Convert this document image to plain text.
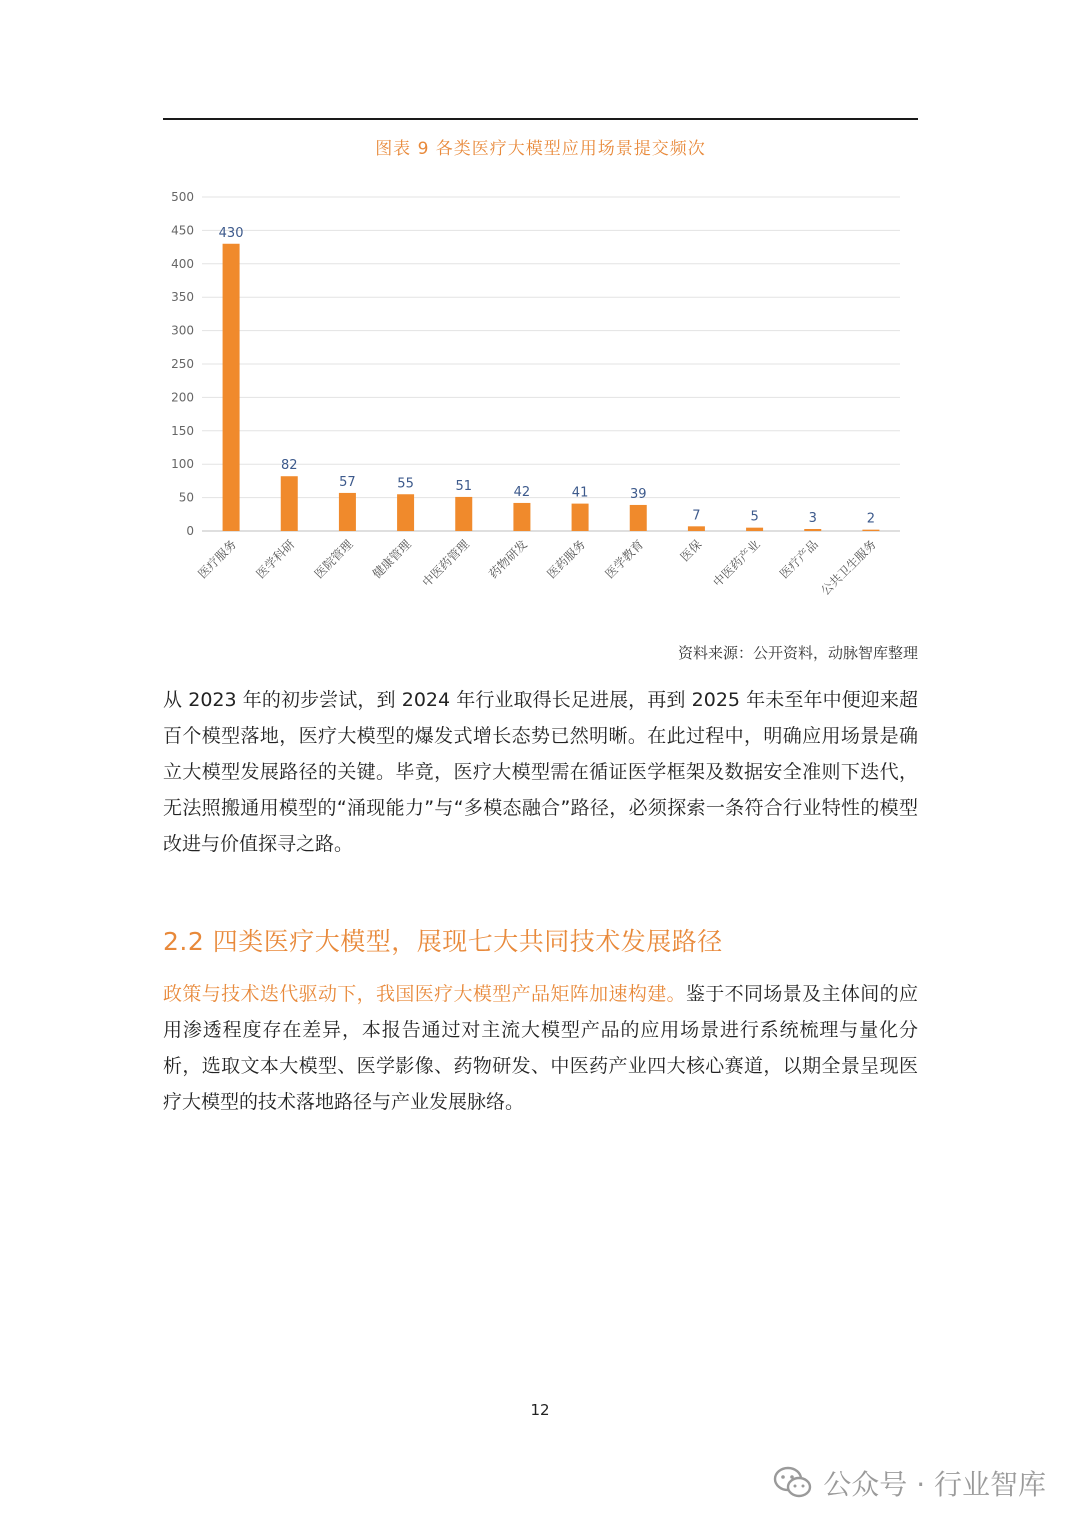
图表 9 各类医疗大模型应用场景提交频次
0
50
100
150
200
250
300
350
400
450
500
430
医疗服务
82
医学科研
57
医院管理
55
健康管理
51
中医药管理
42
药物研发
41
医药服务
39
医学教育
7
医保
5
中医药产业
3
医疗产品
2
公共卫生服务
资料来源：公开资料，动脉智库整理

从 2023 年的初步尝试，到 2024 年行业取得长足进展，再到 2025 年未至年中便迎来超百个模型落地，医疗大模型的爆发式增长态势已然明晰。在此过程中，明确应用场景是确立大模型发展路径的关键。毕竟，医疗大模型需在循证医学框架及数据安全准则下迭代，无法照搬通用模型的“涌现能力”与“多模态融合”路径，必须探索一条符合行业特性的模型改进与价值探寻之路。

2.2 四类医疗大模型，展现七大共同技术发展路径

政策与技术迭代驱动下，我国医疗大模型产品矩阵加速构建。鉴于不同场景及主体间的应用渗透程度存在差异，本报告通过对主流大模型产品的应用场景进行系统梳理与量化分析，选取文本大模型、医学影像、药物研发、中医药产业四大核心赛道，以期全景呈现医疗大模型的技术落地路径与产业发展脉络。

12
公众号 · 行业智库
